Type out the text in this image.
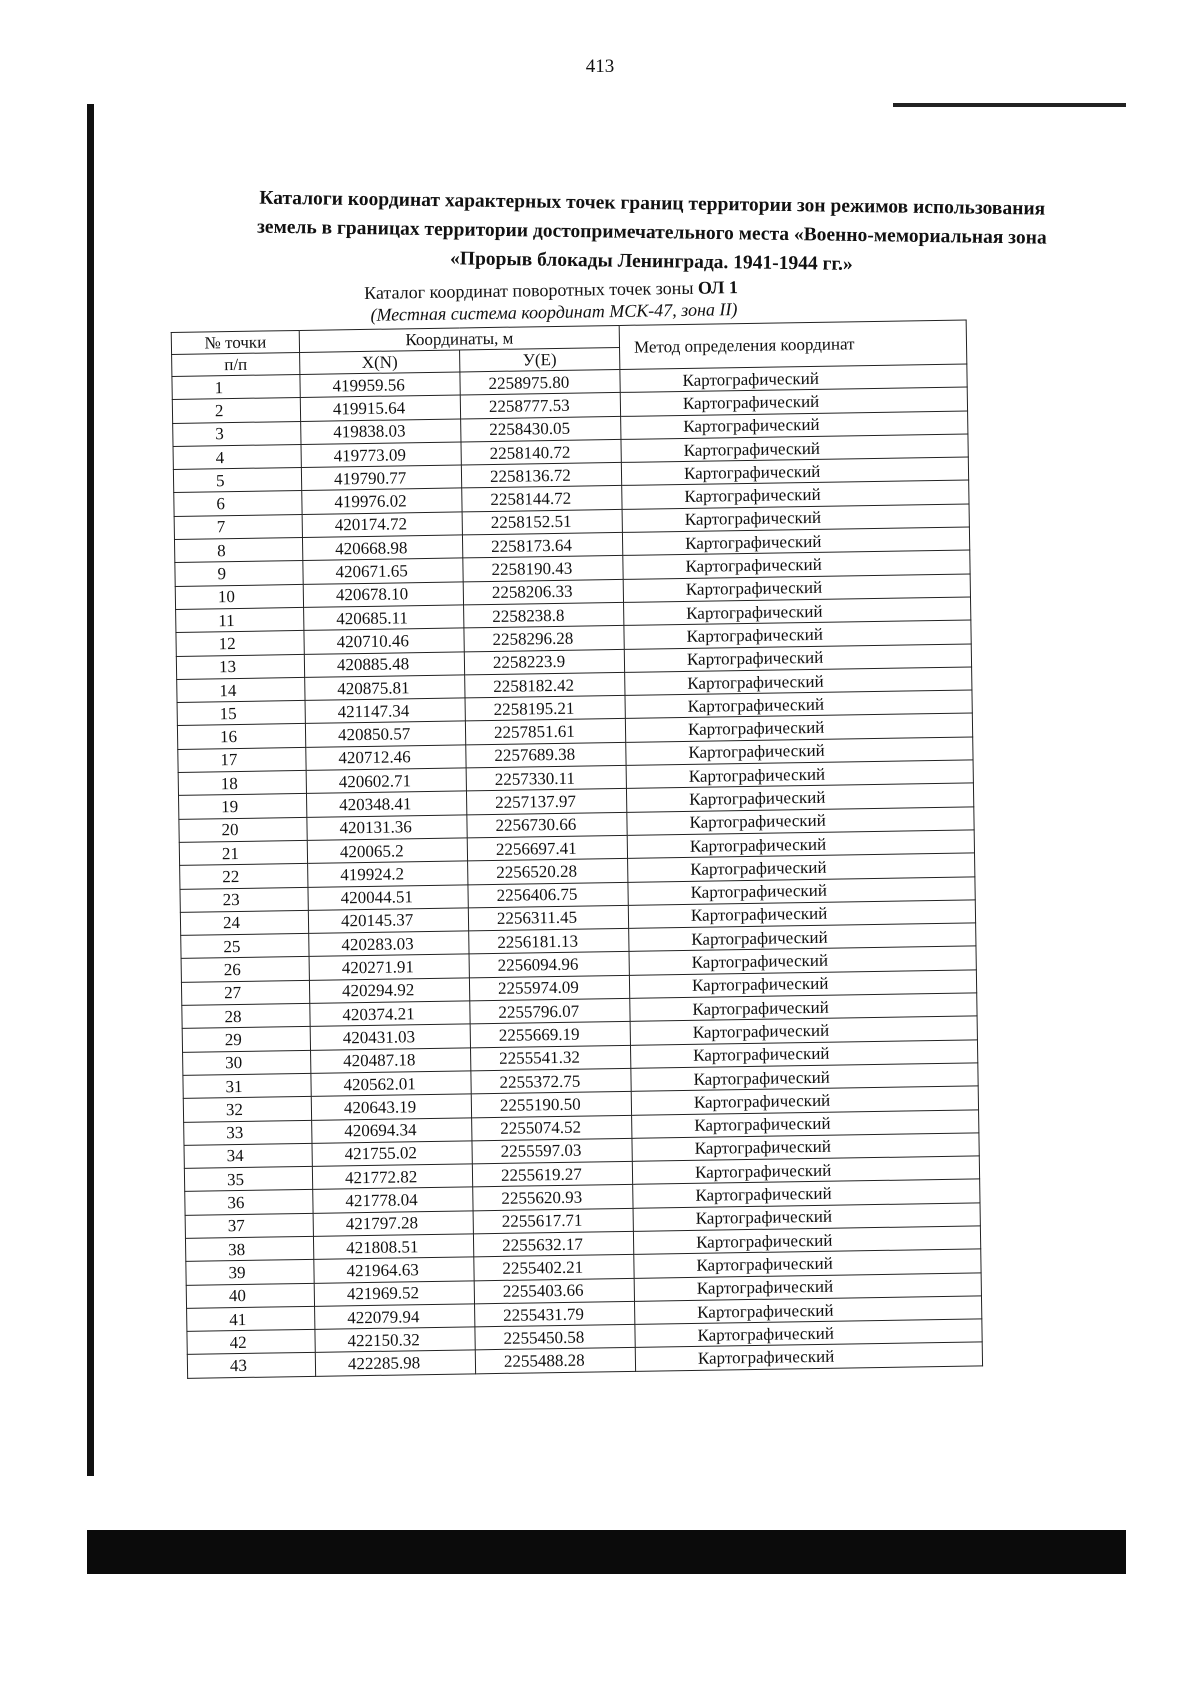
413
Каталоги координат характерных точек границ территории зон режимов использования
земель в границах территории достопримечательного места «Военно-мемориальная зона
«Прорыв блокады Ленинграда. 1941-1944 гг.»
Каталог координат поворотных точек зоны ОЛ 1
(Местная система координат МСК-47, зона II)
№ точки	Координаты, м		Метод определения координат
п/п	X(N)	У(E)	
1	419959.56	2258975.80	Картографический
2	419915.64	2258777.53	Картографический
3	419838.03	2258430.05	Картографический
4	419773.09	2258140.72	Картографический
5	419790.77	2258136.72	Картографический
6	419976.02	2258144.72	Картографический
7	420174.72	2258152.51	Картографический
8	420668.98	2258173.64	Картографический
9	420671.65	2258190.43	Картографический
10	420678.10	2258206.33	Картографический
11	420685.11	2258238.8	Картографический
12	420710.46	2258296.28	Картографический
13	420885.48	2258223.9	Картографический
14	420875.81	2258182.42	Картографический
15	421147.34	2258195.21	Картографический
16	420850.57	2257851.61	Картографический
17	420712.46	2257689.38	Картографический
18	420602.71	2257330.11	Картографический
19	420348.41	2257137.97	Картографический
20	420131.36	2256730.66	Картографический
21	420065.2	2256697.41	Картографический
22	419924.2	2256520.28	Картографический
23	420044.51	2256406.75	Картографический
24	420145.37	2256311.45	Картографический
25	420283.03	2256181.13	Картографический
26	420271.91	2256094.96	Картографический
27	420294.92	2255974.09	Картографический
28	420374.21	2255796.07	Картографический
29	420431.03	2255669.19	Картографический
30	420487.18	2255541.32	Картографический
31	420562.01	2255372.75	Картографический
32	420643.19	2255190.50	Картографический
33	420694.34	2255074.52	Картографический
34	421755.02	2255597.03	Картографический
35	421772.82	2255619.27	Картографический
36	421778.04	2255620.93	Картографический
37	421797.28	2255617.71	Картографический
38	421808.51	2255632.17	Картографический
39	421964.63	2255402.21	Картографический
40	421969.52	2255403.66	Картографический
41	422079.94	2255431.79	Картографический
42	422150.32	2255450.58	Картографический
43	422285.98	2255488.28	Картографический
